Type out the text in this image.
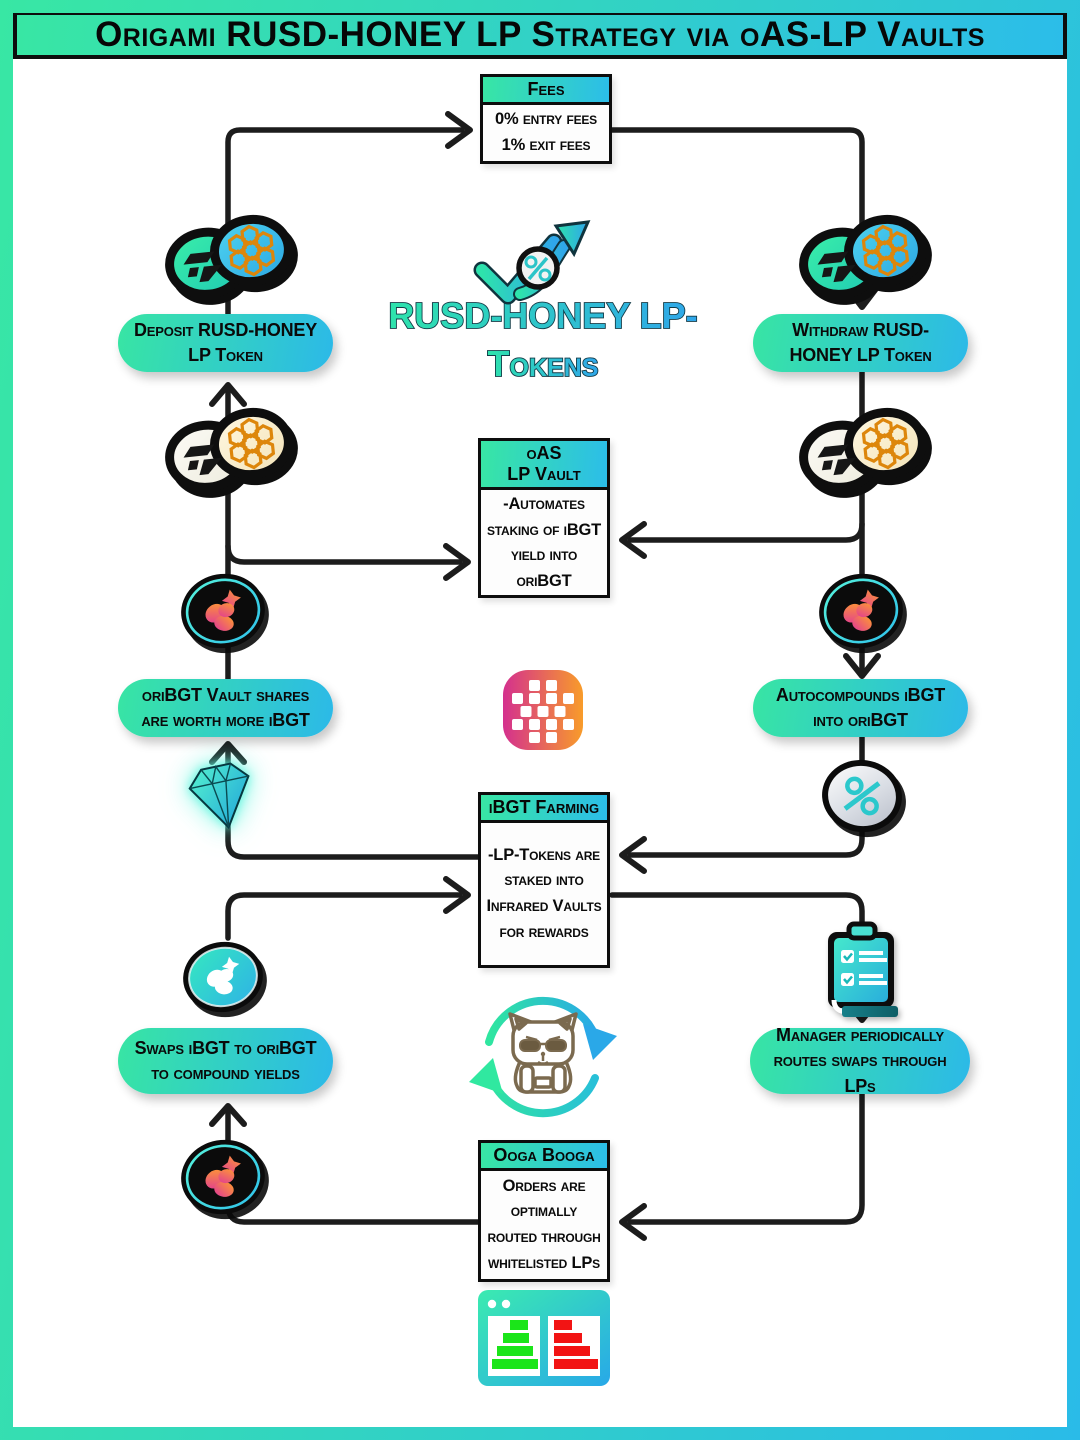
Origami RUSD-HONEY LP Strategy via oAS-LP Vaults
Fees
0% entry fees
1% exit fees
oAS
LP Vault
-Automates staking of iBGT yield into oriBGT
iBGT Farming
-LP-Tokens are staked into Infrared Vaults for rewards
Ooga Booga
Orders are optimally routed through whitelisted LPs
Deposit RUSD-HONEY LP Token
Withdraw RUSD-HONEY LP Token
oriBGT Vault shares are worth more iBGT
Autocompounds iBGT into oriBGT
Swaps iBGT to oriBGT to compound yields
Manager periodically routes swaps through LPs
RUSD-HONEY LP-
Tokens
